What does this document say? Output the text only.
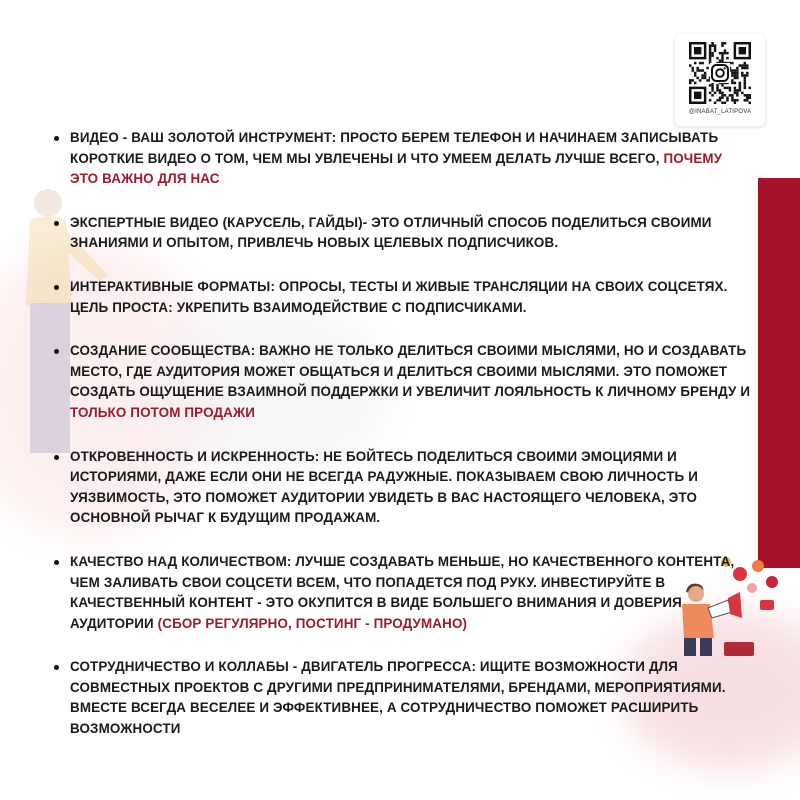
@INABAT_LATIPOVA
ВИДЕО - ВАШ ЗОЛОТОЙ ИНСТРУМЕНТ: ПРОСТО БЕРЕМ ТЕЛЕФОН И НАЧИНАЕМ ЗАПИСЫВАТЬ КОРОТКИЕ ВИДЕО О ТОМ, ЧЕМ МЫ УВЛЕЧЕНЫ И ЧТО УМЕЕМ ДЕЛАТЬ ЛУЧШЕ ВСЕГО, ПОЧЕМУ ЭТО ВАЖНО ДЛЯ НАС
ЭКСПЕРТНЫЕ ВИДЕО (КАРУСЕЛЬ, ГАЙДЫ)- ЭТО ОТЛИЧНЫЙ СПОСОБ ПОДЕЛИТЬСЯ СВОИМИ ЗНАНИЯМИ И ОПЫТОМ, ПРИВЛЕЧЬ НОВЫХ ЦЕЛЕВЫХ ПОДПИСЧИКОВ.
ИНТЕРАКТИВНЫЕ ФОРМАТЫ: ОПРОСЫ, ТЕСТЫ И ЖИВЫЕ ТРАНСЛЯЦИИ НА СВОИХ СОЦСЕТЯХ. ЦЕЛЬ ПРОСТА: УКРЕПИТЬ ВЗАИМОДЕЙСТВИЕ С ПОДПИСЧИКАМИ.
СОЗДАНИЕ СООБЩЕСТВА: ВАЖНО НЕ ТОЛЬКО ДЕЛИТЬСЯ СВОИМИ МЫСЛЯМИ, НО И СОЗДАВАТЬ МЕСТО, ГДЕ АУДИТОРИЯ МОЖЕТ ОБЩАТЬСЯ И ДЕЛИТЬСЯ СВОИМИ МЫСЛЯМИ. ЭТО ПОМОЖЕТ СОЗДАТЬ ОЩУЩЕНИЕ ВЗАИМНОЙ ПОДДЕРЖКИ И УВЕЛИЧИТ ЛОЯЛЬНОСТЬ К ЛИЧНОМУ БРЕНДУ И ТОЛЬКО ПОТОМ ПРОДАЖИ
ОТКРОВЕННОСТЬ И ИСКРЕННОСТЬ: НЕ БОЙТЕСЬ ПОДЕЛИТЬСЯ СВОИМИ ЭМОЦИЯМИ И ИСТОРИЯМИ, ДАЖЕ ЕСЛИ ОНИ НЕ ВСЕГДА РАДУЖНЫЕ. ПОКАЗЫВАЕМ СВОЮ ЛИЧНОСТЬ И УЯЗВИМОСТЬ, ЭТО ПОМОЖЕТ АУДИТОРИИ УВИДЕТЬ В ВАС НАСТОЯЩЕГО ЧЕЛОВЕКА, ЭТО ОСНОВНОЙ РЫЧАГ К БУДУЩИМ ПРОДАЖАМ.
КАЧЕСТВО НАД КОЛИЧЕСТВОМ: ЛУЧШЕ СОЗДАВАТЬ МЕНЬШЕ, НО КАЧЕСТВЕННОГО КОНТЕНТА, ЧЕМ ЗАЛИВАТЬ СВОИ СОЦСЕТИ ВСЕМ, ЧТО ПОПАДЕТСЯ ПОД РУКУ. ИНВЕСТИРУЙТЕ В КАЧЕСТВЕННЫЙ КОНТЕНТ - ЭТО ОКУПИТСЯ В ВИДЕ БОЛЬШЕГО ВНИМАНИЯ И ДОВЕРИЯ АУДИТОРИИ (СБОР РЕГУЛЯРНО, ПОСТИНГ - ПРОДУМАНО)
СОТРУДНИЧЕСТВО И КОЛЛАБЫ - ДВИГАТЕЛЬ ПРОГРЕССА: ИЩИТЕ ВОЗМОЖНОСТИ ДЛЯ СОВМЕСТНЫХ ПРОЕКТОВ С ДРУГИМИ ПРЕДПРИНИМАТЕЛЯМИ, БРЕНДАМИ, МЕРОПРИЯТИЯМИ. ВМЕСТЕ ВСЕГДА ВЕСЕЛЕЕ И ЭФФЕКТИВНЕЕ, А СОТРУДНИЧЕСТВО ПОМОЖЕТ РАСШИРИТЬ ВОЗМОЖНОСТИ
